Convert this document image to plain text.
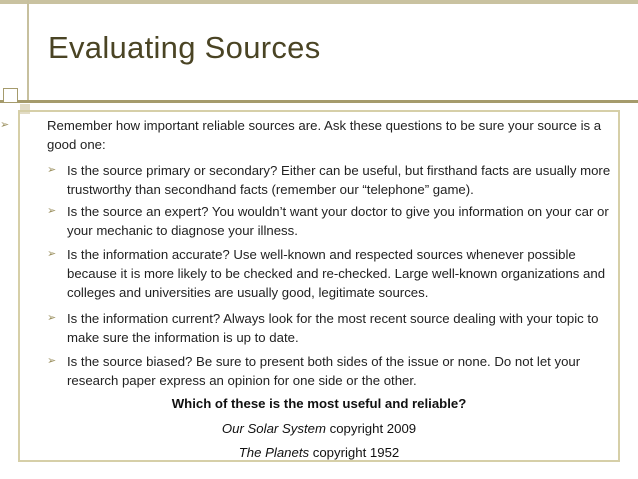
Evaluating Sources
➢	Remember how important reliable sources are. Ask these questions to be sure your source is a good one:
➢ Is the source primary or secondary? Either can be useful, but firsthand facts are usually more trustworthy than secondhand facts (remember our “telephone” game).
➢ Is the source an expert? You wouldn’t want your doctor to give you information on your car or your mechanic to diagnose your illness.
➢ Is the information accurate? Use well-known and respected sources whenever possible because it is more likely to be checked and re-checked. Large well-known organizations and colleges and universities are usually good, legitimate sources.
➢ Is the information current? Always look for the most recent source dealing with your topic to make sure the information is up to date.
➢ Is the source biased? Be sure to present both sides of the issue or none. Do not let your research paper express an opinion for one side or the other.
Which of these is the most useful and reliable?
Our Solar System copyright 2009
The Planets copyright 1952
